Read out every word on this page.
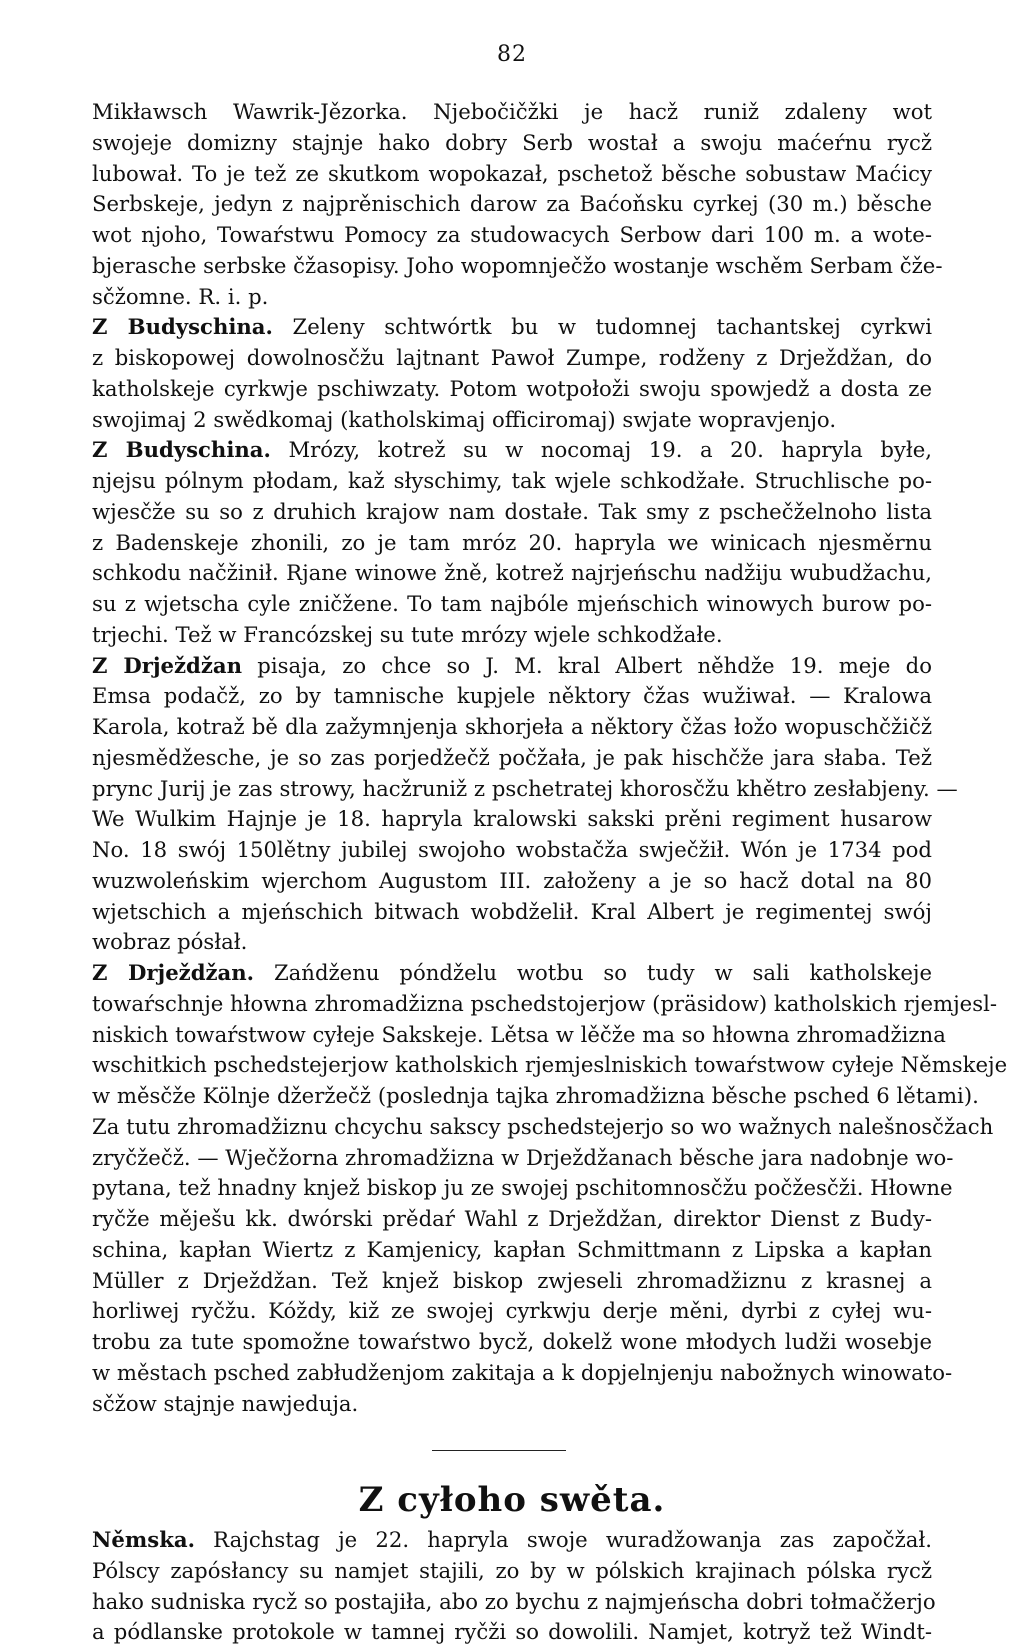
82
Mikławsch Wawrik-Jězorka. Njebočičžki je hacž runiž zdaleny wot
swojeje domizny stajnje hako dobry Serb wostał a swoju maćeŕnu rycž
lubował. To je tež ze skutkom wopokazał, pschetož běsche sobustaw Maćicy
Serbskeje, jedyn z najprěnischich darow za Baćoňsku cyrkej (30 m.) běsche
wot njoho, Towaŕstwu Pomocy za studowacych Serbow dari 100 m. a wote-
bjerasche serbske čžasopisy. Joho wopomnječžo wostanje wschěm Serbam čže-
sčžomne. R. i. p.
Z Budyschina. Zeleny schtwórtk bu w tudomnej tachantskej cyrkwi
z biskopowej dowolnosčžu lajtnant Pawoł Zumpe, rodženy z Drježdžan, do
katholskeje cyrkwje pschiwzaty. Potom wotpołoži swoju spowjedž a dosta ze
swojimaj 2 swědkomaj (katholskimaj officiromaj) swjate wopravjenjo.
Z Budyschina. Mrózy, kotrež su w nocomaj 19. a 20. hapryla byłe,
njejsu pólnym płodam, kaž słyschimy, tak wjele schkodžałe. Struchlische po-
wjesčže su so z druhich krajow nam dostałe. Tak smy z pschečželnoho lista
z Badenskeje zhonili, zo je tam mróz 20. hapryla we winicach njesměrnu
schkodu načžinił. Rjane winowe žně, kotrež najrjeńschu nadžiju wubudžachu,
su z wjetscha cyle zničžene. To tam najbóle mjeńschich winowych burow po-
trjechi. Tež w Francózskej su tute mrózy wjele schkodžałe.
Z Drježdžan pisaja, zo chce so J. M. kral Albert něhdže 19. meje do
Emsa podačž, zo by tamnische kupjele něktory čžas wužiwał. — Kralowa
Karola, kotraž bě dla zažymnjenja skhorjeła a něktory čžas łožo wopuschčžičž
njesmědžesche, je so zas porjedžečž počžała, je pak hischčže jara słaba. Tež
prync Jurij je zas strowy, hacžruniž z pschetratej khorosčžu khětro zesłabjeny. —
We Wulkim Hajnje je 18. hapryla kralowski sakski prěni regiment husarow
No. 18 swój 150lětny jubilej swojoho wobstačža swječžił. Wón je 1734 pod
wuzwoleńskim wjerchom Augustom III. załoženy a je so hacž dotal na 80
wjetschich a mjeńschich bitwach wobdželił. Kral Albert je regimentej swój
wobraz pósłał.
Z Drježdžan. Zańdženu póndželu wotbu so tudy w sali katholskeje
towaŕschnje hłowna zhromadžizna pschedstojerjow (präsidow) katholskich rjemjesl-
niskich towaŕstwow cyłeje Sakskeje. Lětsa w lěčže ma so hłowna zhromadžizna
wschitkich pschedstejerjow katholskich rjemjeslniskich towaŕstwow cyłeje Němskeje
w měsčže Kölnje džeržečž (poslednja tajka zhromadžizna běsche psched 6 lětami).
Za tutu zhromadžiznu chcychu sakscy pschedstejerjo so wo wažnych nalešnosčžach
zryčžečž. — Wječžorna zhromadžizna w Drježdžanach běsche jara nadobnje wo-
pytana, tež hnadny knjež biskop ju ze swojej pschitomnosčžu počžesčži. Hłowne
ryčže měješu kk. dwórski prědaŕ Wahl z Drježdžan, direktor Dienst z Budy-
schina, kapłan Wiertz z Kamjenicy, kapłan Schmittmann z Lipska a kapłan
Müller z Drježdžan. Tež knjež biskop zwjeseli zhromadžiznu z krasnej a
horliwej ryčžu. Kóždy, kiž ze swojej cyrkwju derje měni, dyrbi z cyłej wu-
trobu za tute spomožne towaŕstwo bycž, dokelž wone młodych ludži wosebje
w městach psched zabłudženjom zakitaja a k dopjelnjenju nabožnych winowato-
sčžow stajnje nawjeduja.
Z cyłoho swěta.
Němska. Rajchstag je 22. hapryla swoje wuradžowanja zas započžał.
Pólscy zapósłancy su namjet stajili, zo by w pólskich krajinach pólska rycž
hako sudniska rycž so postajiła, abo zo bychu z najmjeńscha dobri tołmačžerjo
a pódlanske protokole w tamnej ryčži so dowolili. Namjet, kotryž tež Windt-
